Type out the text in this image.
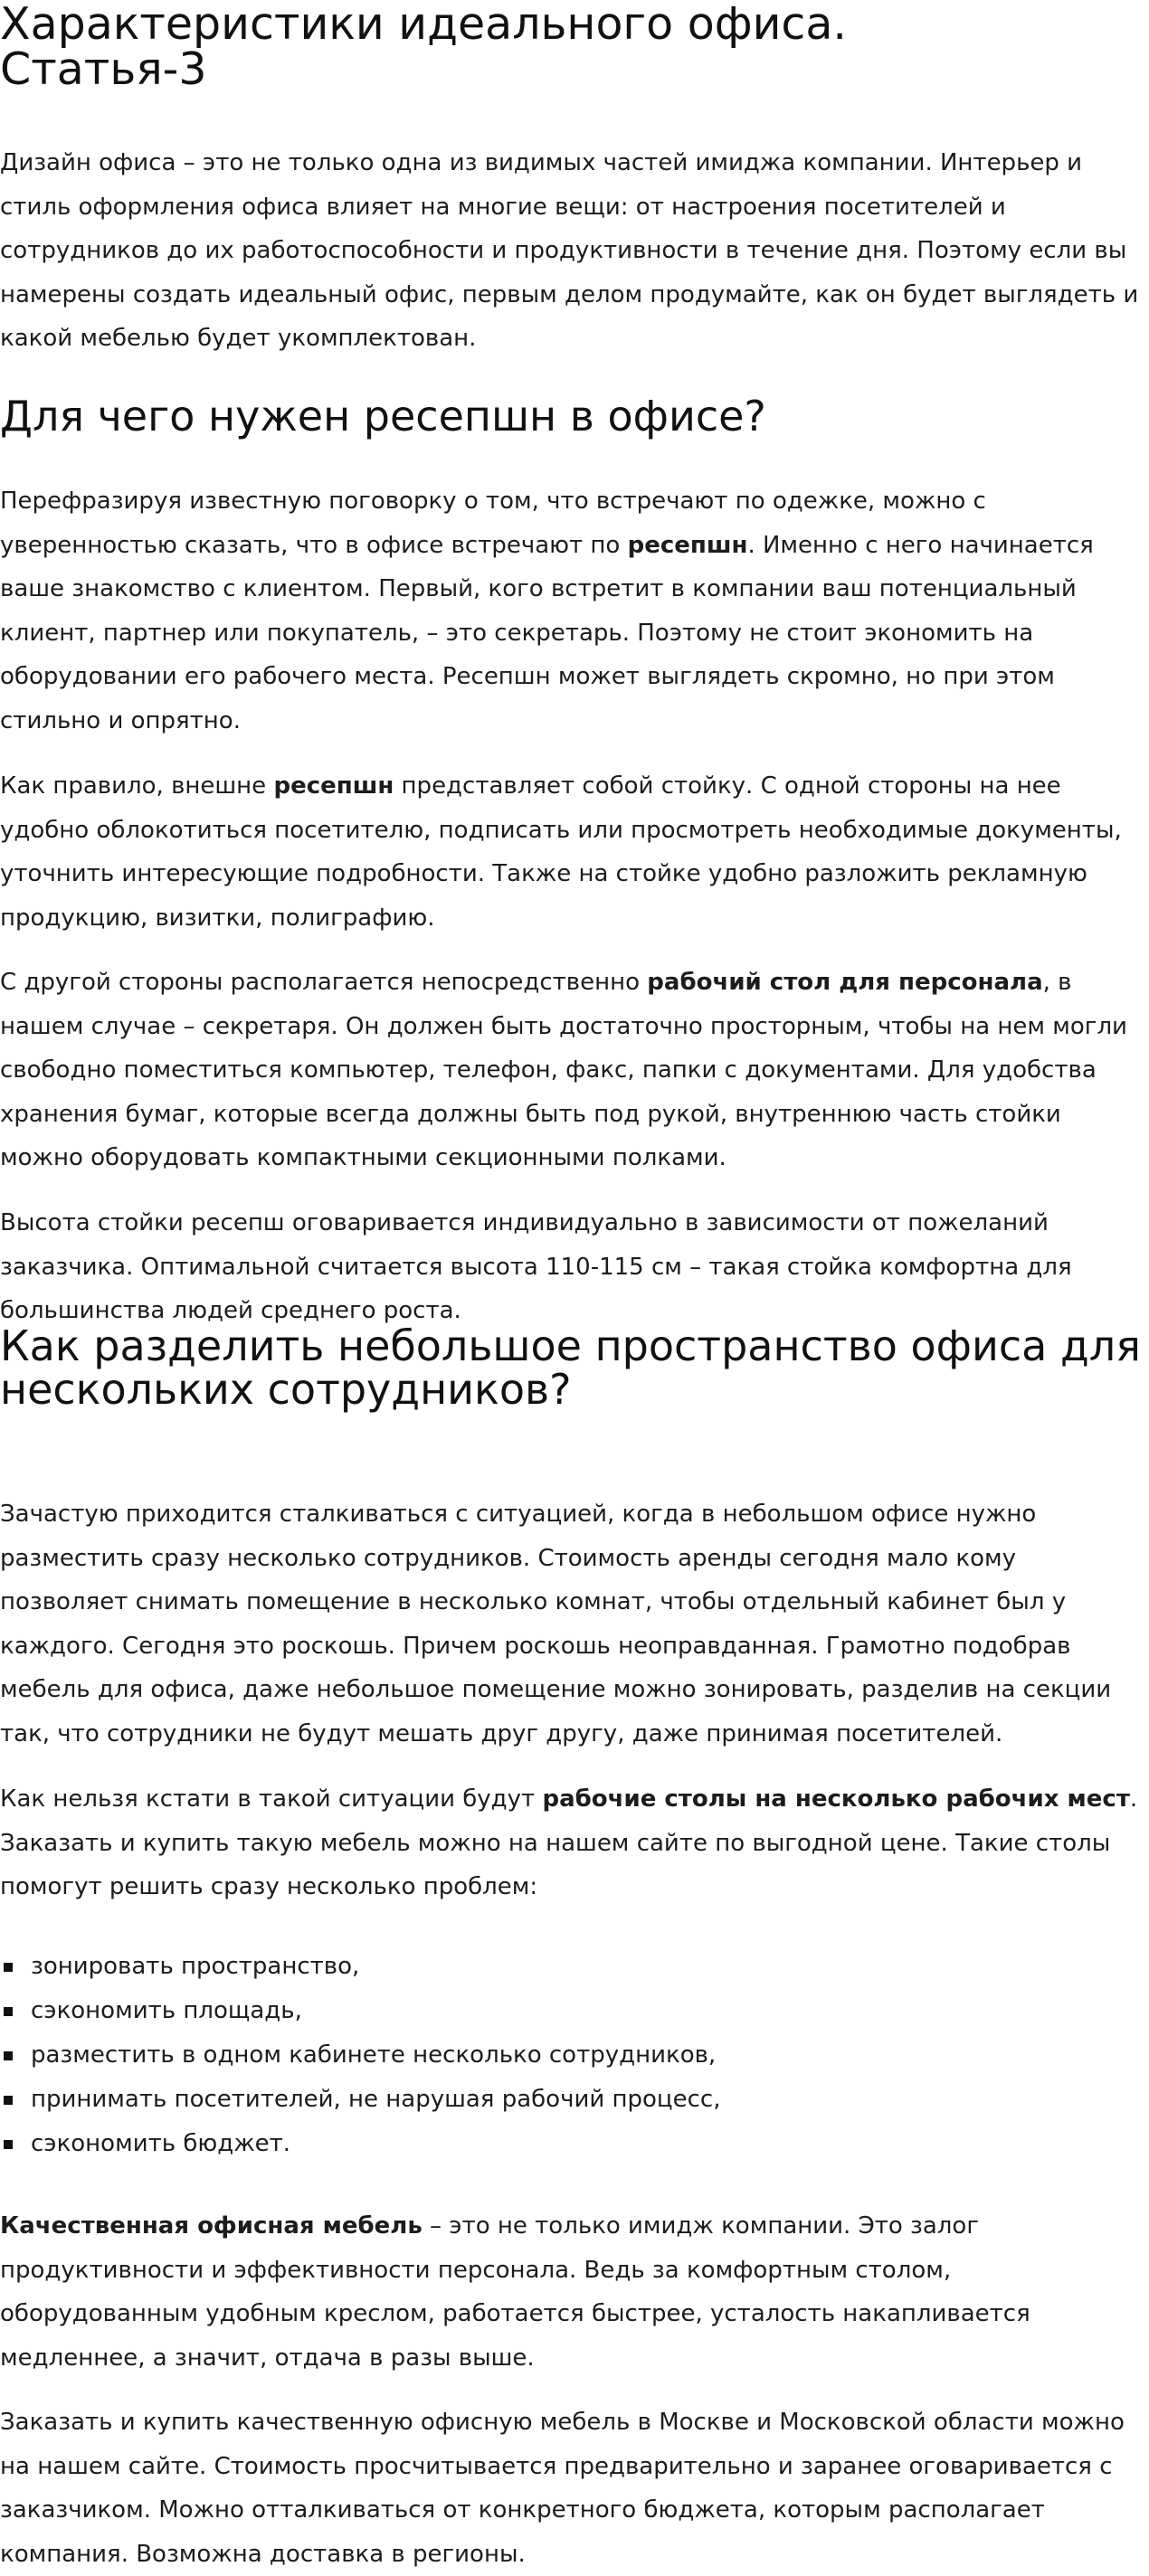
Характеристики идеального офиса.
Статья-3

Дизайн офиса – это не только одна из видимых частей имиджа компании. Интерьер и
стиль оформления офиса влияет на многие вещи: от настроения посетителей и
сотрудников до их работоспособности и продуктивности в течение дня. Поэтому если вы
намерены создать идеальный офис, первым делом продумайте, как он будет выглядеть и
какой мебелью будет укомплектован.

Для чего нужен ресепшн в офисе?

Перефразируя известную поговорку о том, что встречают по одежке, можно с
уверенностью сказать, что в офисе встречают по ресепшн. Именно с него начинается
ваше знакомство с клиентом. Первый, кого встретит в компании ваш потенциальный
клиент, партнер или покупатель, – это секретарь. Поэтому не стоит экономить на
оборудовании его рабочего места. Ресепшн может выглядеть скромно, но при этом
стильно и опрятно.

Как правило, внешне ресепшн представляет собой стойку. С одной стороны на нее
удобно облокотиться посетителю, подписать или просмотреть необходимые документы,
уточнить интересующие подробности. Также на стойке удобно разложить рекламную
продукцию, визитки, полиграфию.

С другой стороны располагается непосредственно рабочий стол для персонала, в
нашем случае – секретаря. Он должен быть достаточно просторным, чтобы на нем могли
свободно поместиться компьютер, телефон, факс, папки с документами. Для удобства
хранения бумаг, которые всегда должны быть под рукой, внутреннюю часть стойки
можно оборудовать компактными секционными полками.

Высота стойки ресепш оговаривается индивидуально в зависимости от пожеланий
заказчика. Оптимальной считается высота 110-115 см – такая стойка комфортна для
большинства людей среднего роста.

Как разделить небольшое пространство офиса для
нескольких сотрудников?

Зачастую приходится сталкиваться с ситуацией, когда в небольшом офисе нужно
разместить сразу несколько сотрудников. Стоимость аренды сегодня мало кому
позволяет снимать помещение в несколько комнат, чтобы отдельный кабинет был у
каждого. Сегодня это роскошь. Причем роскошь неоправданная. Грамотно подобрав
мебель для офиса, даже небольшое помещение можно зонировать, разделив на секции
так, что сотрудники не будут мешать друг другу, даже принимая посетителей.

Как нельзя кстати в такой ситуации будут рабочие столы на несколько рабочих мест.
Заказать и купить такую мебель можно на нашем сайте по выгодной цене. Такие столы
помогут решить сразу несколько проблем:

зонировать пространство,
сэкономить площадь,
разместить в одном кабинете несколько сотрудников,
принимать посетителей, не нарушая рабочий процесс,
сэкономить бюджет.

Качественная офисная мебель – это не только имидж компании. Это залог
продуктивности и эффективности персонала. Ведь за комфортным столом,
оборудованным удобным креслом, работается быстрее, усталость накапливается
медленнее, а значит, отдача в разы выше.

Заказать и купить качественную офисную мебель в Москве и Московской области можно
на нашем сайте. Стоимость просчитывается предварительно и заранее оговаривается с
заказчиком. Можно отталкиваться от конкретного бюджета, которым располагает
компания. Возможна доставка в регионы.
